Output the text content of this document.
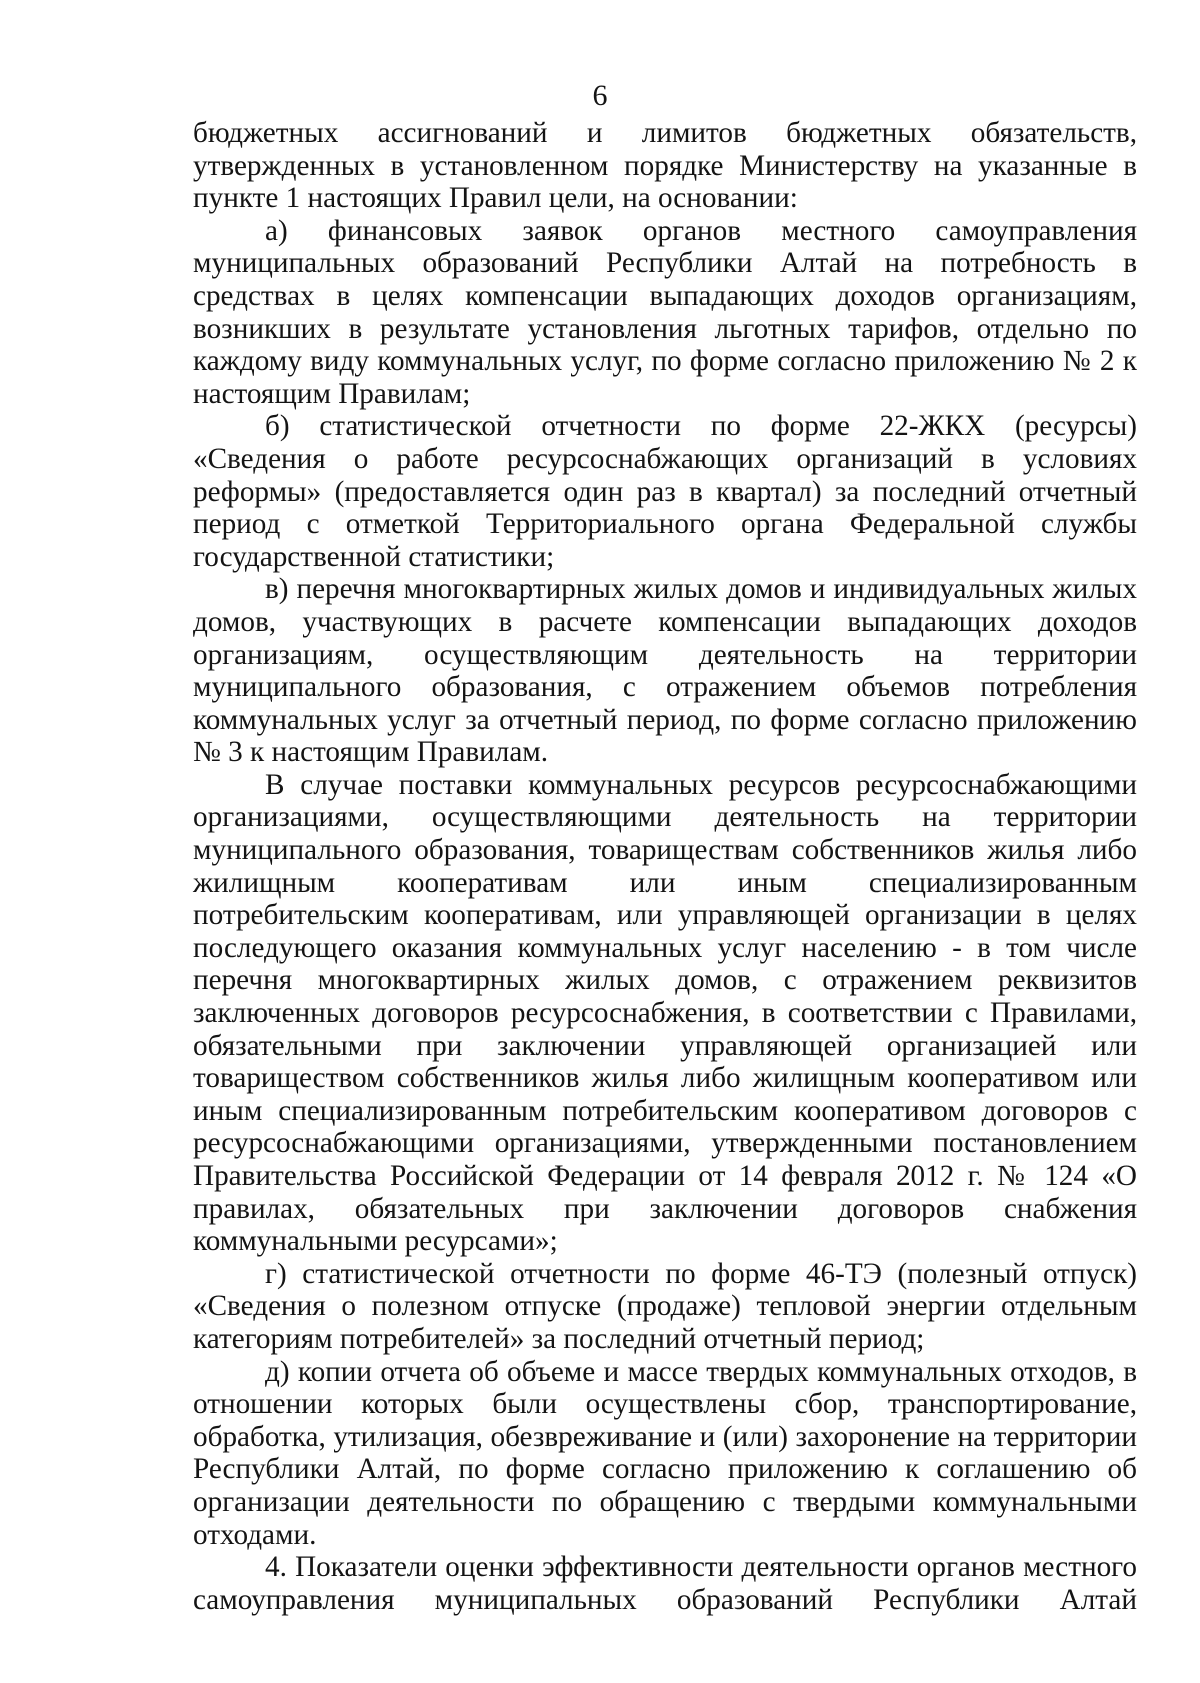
6

бюджетных ассигнований и лимитов бюджетных обязательств, утвержденных в установленном порядке Министерству на указанные в пункте 1 настоящих Правил цели, на основании:

а) финансовых заявок органов местного самоуправления муниципальных образований Республики Алтай на потребность в средствах в целях компенсации выпадающих доходов организациям, возникших в результате установления льготных тарифов, отдельно по каждому виду коммунальных услуг, по форме согласно приложению № 2 к настоящим Правилам;

б) статистической отчетности по форме 22-ЖКХ (ресурсы) «Сведения о работе ресурсоснабжающих организаций в условиях реформы» (предоставляется один раз в квартал) за последний отчетный период с отметкой Территориального органа Федеральной службы государственной статистики;

в) перечня многоквартирных жилых домов и индивидуальных жилых домов, участвующих в расчете компенсации выпадающих доходов организациям, осуществляющим деятельность на территории муниципального образования, с отражением объемов потребления коммунальных услуг за отчетный период, по форме согласно приложению № 3 к настоящим Правилам.

В случае поставки коммунальных ресурсов ресурсоснабжающими организациями, осуществляющими деятельность на территории муниципального образования, товариществам собственников жилья либо жилищным кооперативам или иным специализированным потребительским кооперативам, или управляющей организации в целях последующего оказания коммунальных услуг населению - в том числе перечня многоквартирных жилых домов, с отражением реквизитов заключенных договоров ресурсоснабжения, в соответствии с Правилами, обязательными при заключении управляющей организацией или товариществом собственников жилья либо жилищным кооперативом или иным специализированным потребительским кооперативом договоров с ресурсоснабжающими организациями, утвержденными постановлением Правительства Российской Федерации от 14 февраля 2012 г. № 124 «О правилах, обязательных при заключении договоров снабжения коммунальными ресурсами»;

г) статистической отчетности по форме 46-ТЭ (полезный отпуск) «Сведения о полезном отпуске (продаже) тепловой энергии отдельным категориям потребителей» за последний отчетный период;

д) копии отчета об объеме и массе твердых коммунальных отходов, в отношении которых были осуществлены сбор, транспортирование, обработка, утилизация, обезвреживание и (или) захоронение на территории Республики Алтай, по форме согласно приложению к соглашению об организации деятельности по обращению с твердыми коммунальными отходами.

4. Показатели оценки эффективности деятельности органов местного самоуправления муниципальных образований Республики Алтай
